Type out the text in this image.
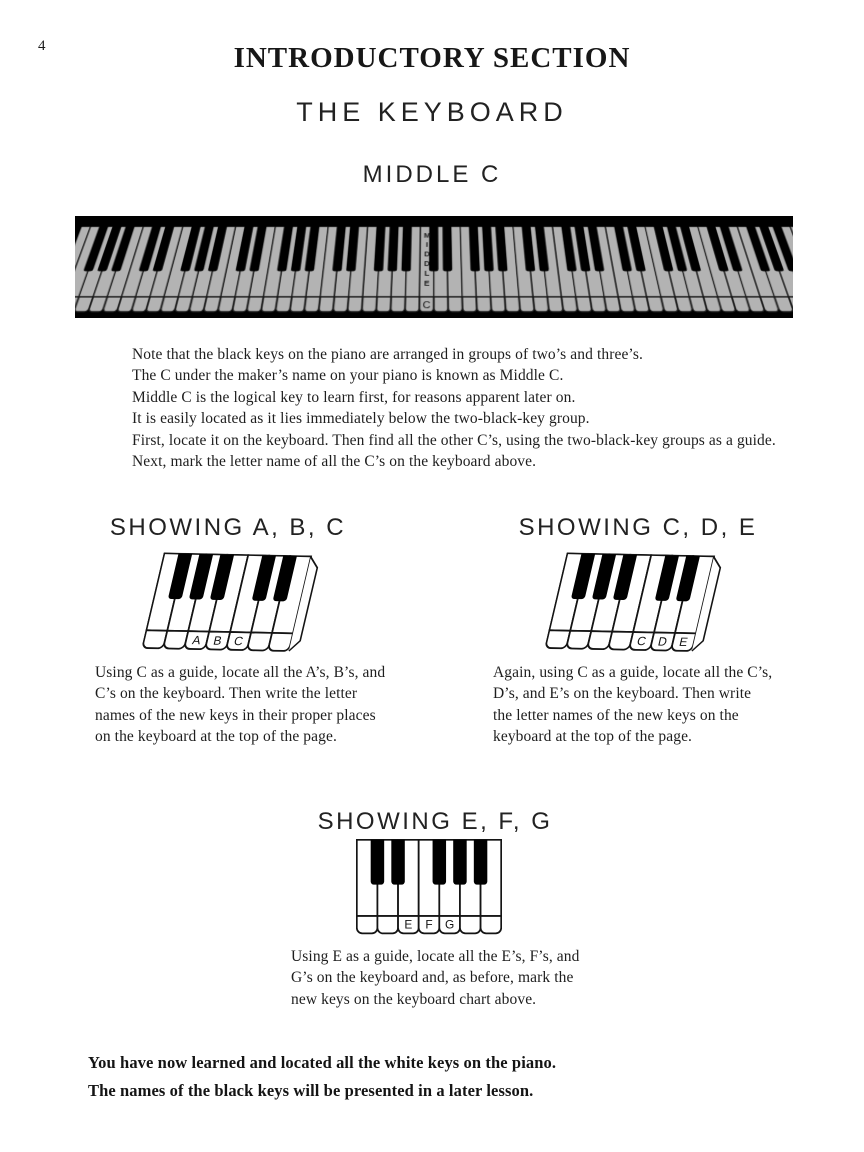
4	INTRODUCTORY SECTION
THE KEYBOARD
MIDDLE C
M
I
D
D
L
E
C
Note that the black keys on the piano are arranged in groups of two’s and three’s.
The C under the maker’s name on your piano is known as Middle C.
Middle C is the logical key to learn first, for reasons apparent later on.
It is easily located as it lies immediately below the two-black-key group.
First, locate it on the keyboard. Then find all the other C’s, using the two-black-key groups as a guide.
Next, mark the letter name of all the C’s on the keyboard above.
SHOWING A, B, C	SHOWING C, D, E
A B C	C D E
Using C as a guide, locate all the A’s, B’s, and
C’s on the keyboard. Then write the letter
names of the new keys in their proper places
on the keyboard at the top of the page.
Again, using C as a guide, locate all the C’s,
D’s, and E’s on the keyboard. Then write
the letter names of the new keys on the
keyboard at the top of the page.
SHOWING E, F, G
E F G
Using E as a guide, locate all the E’s, F’s, and
G’s on the keyboard and, as before, mark the
new keys on the keyboard chart above.
You have now learned and located all the white keys on the piano.
The names of the black keys will be presented in a later lesson.
